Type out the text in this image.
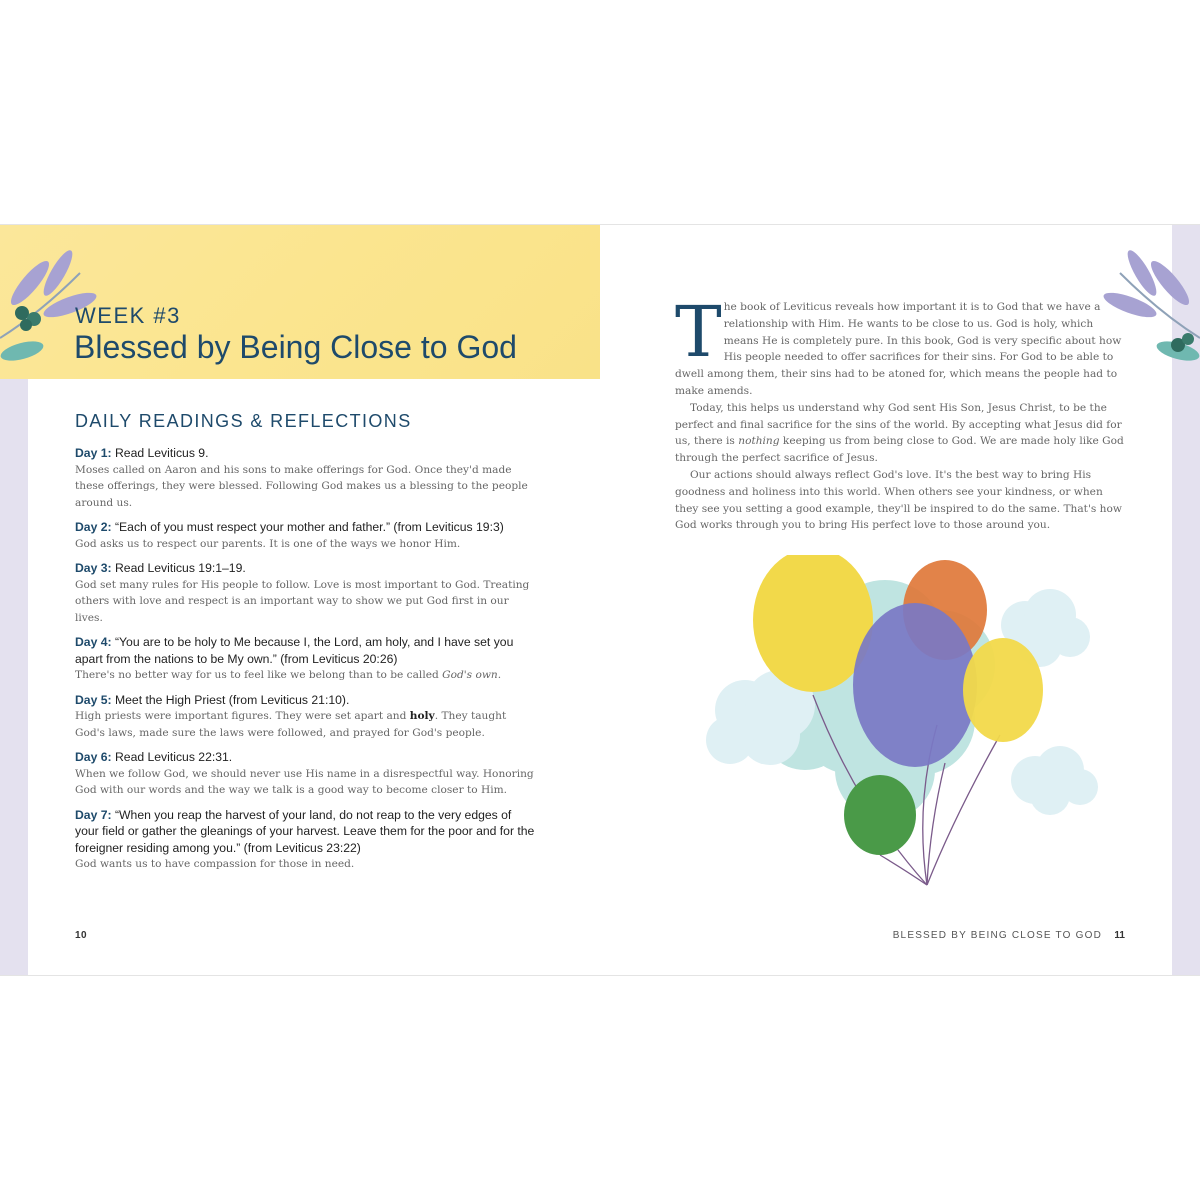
WEEK #3
Blessed by Being Close to God
DAILY READINGS & REFLECTIONS
Day 1: Read Leviticus 9.
Moses called on Aaron and his sons to make offerings for God. Once they'd made these offerings, they were blessed. Following God makes us a blessing to the people around us.
Day 2: “Each of you must respect your mother and father.” (from Leviticus 19:3)
God asks us to respect our parents. It is one of the ways we honor Him.
Day 3: Read Leviticus 19:1–19.
God set many rules for His people to follow. Love is most important to God. Treating others with love and respect is an important way to show we put God first in our lives.
Day 4: “You are to be holy to Me because I, the Lord, am holy, and I have set you apart from the nations to be My own.” (from Leviticus 20:26)
There's no better way for us to feel like we belong than to be called God's own.
Day 5: Meet the High Priest (from Leviticus 21:10).
High priests were important figures. They were set apart and holy. They taught God's laws, made sure the laws were followed, and prayed for God's people.
Day 6: Read Leviticus 22:31.
When we follow God, we should never use His name in a disrespectful way. Honoring God with our words and the way we talk is a good way to become closer to Him.
Day 7: “When you reap the harvest of your land, do not reap to the very edges of your field or gather the gleanings of your harvest. Leave them for the poor and for the foreigner residing among you.” (from Leviticus 23:22)
God wants us to have compassion for those in need.
10

The book of Leviticus reveals how important it is to God that we have a relationship with Him. He wants to be close to us. God is holy, which means He is completely pure. In this book, God is very specific about how His people needed to offer sacrifices for their sins. For God to be able to dwell among them, their sins had to be atoned for, which means the people had to make amends.

Today, this helps us understand why God sent His Son, Jesus Christ, to be the perfect and final sacrifice for the sins of the world. By accepting what Jesus did for us, there is nothing keeping us from being close to God. We are made holy like God through the perfect sacrifice of Jesus.

Our actions should always reflect God's love. It's the best way to bring His goodness and holiness into this world. When others see your kindness, or when they see you setting a good example, they'll be inspired to do the same. That's how God works through you to bring His perfect love to those around you.

BLESSED BY BEING CLOSE TO GOD 11
